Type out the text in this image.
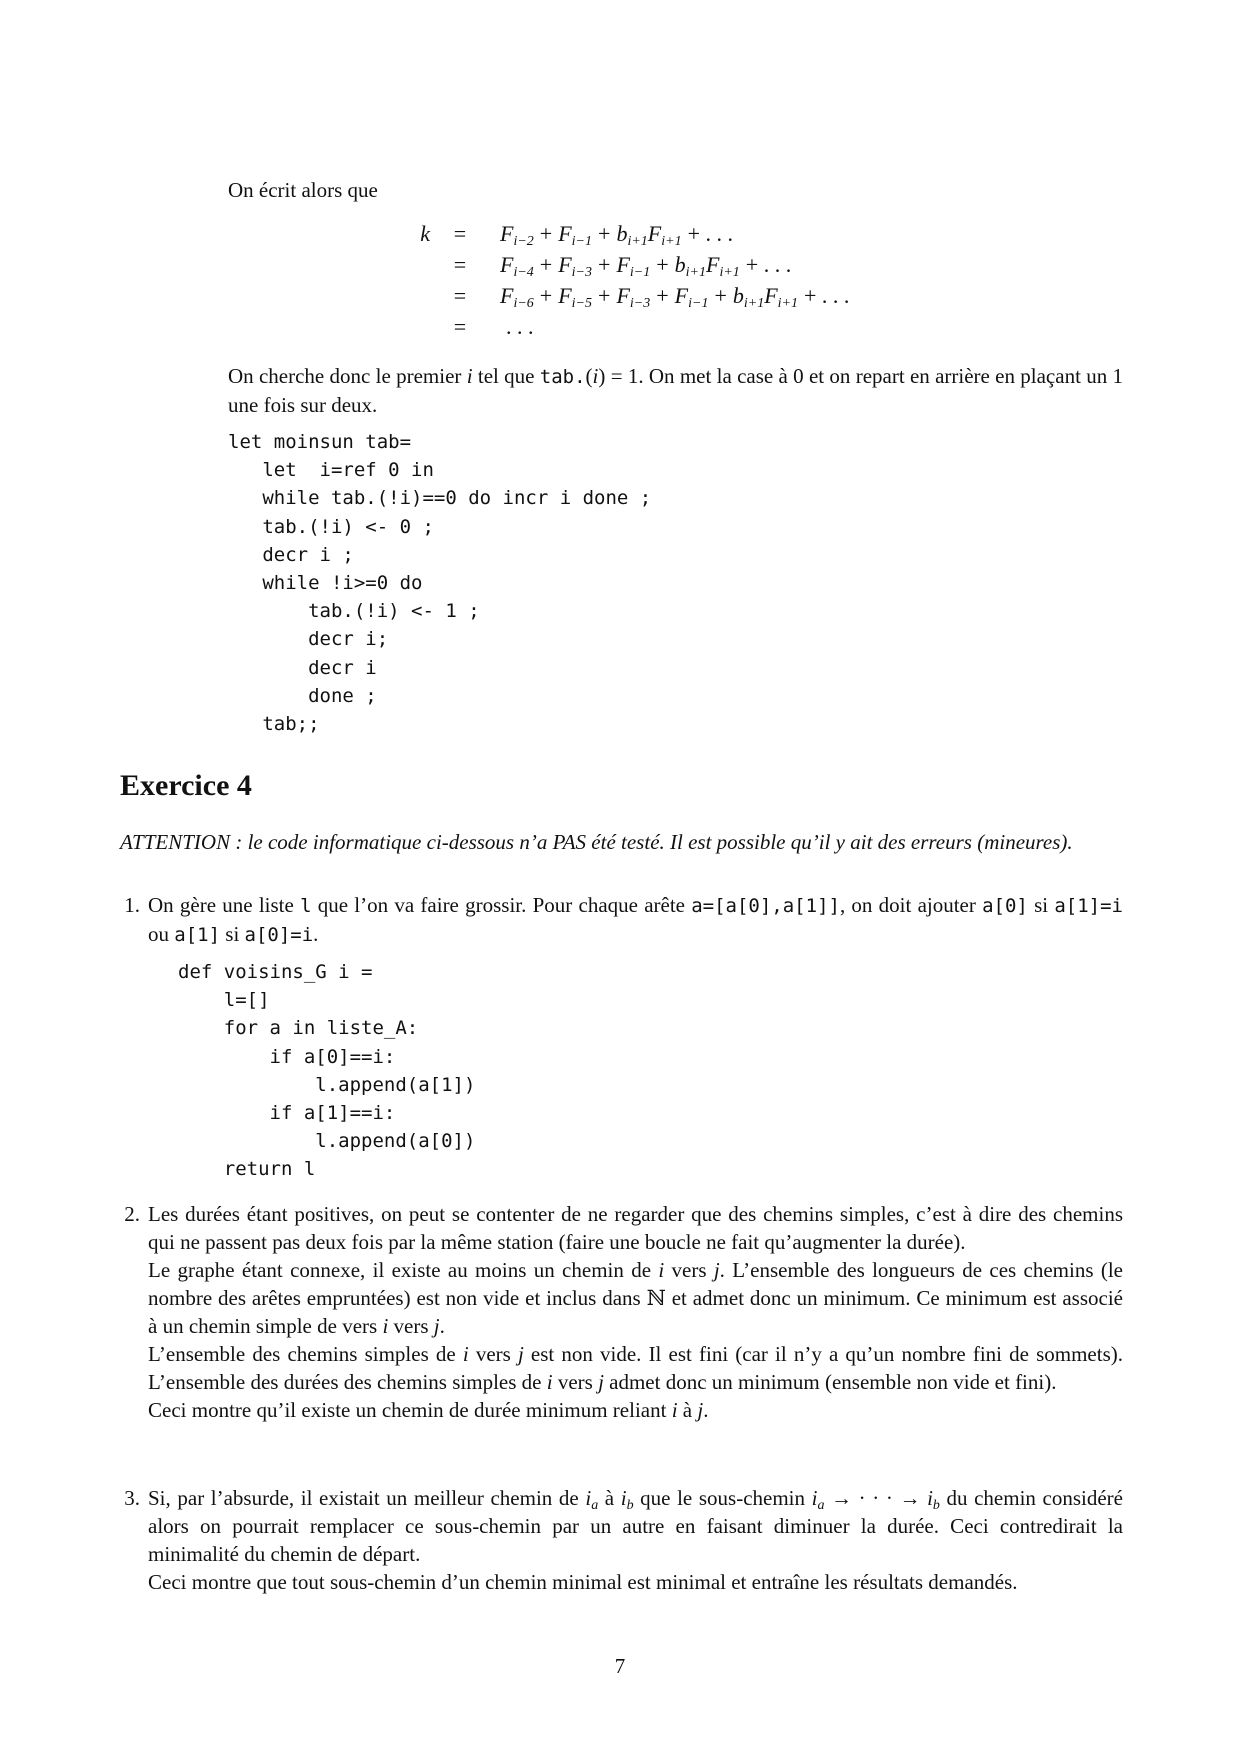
On écrit alors que
$k = F_{i-2} + F_{i-1} + b_{i+1}F_{i+1}$ + . . .
= $F_{i-4} + F_{i-3} + F_{i-1} + b_{i+1}F_{i+1}$ + . . .
= $F_{i-6} + F_{i-5} + F_{i-3} + F_{i-1} + b_{i+1}F_{i+1}$ + . . .
= . . .
On cherche donc le premier i tel que tab.(i) = 1. On met la case à 0 et on repart en arrière en plaçant un 1 une fois sur deux.
let moinsun tab=
let  i=ref 0 in
while tab.(!i)==0 do incr i done ;
tab.(!i) <- 0 ;
decr i ;
while !i>=0 do
tab.(!i) <- 1 ;
decr i;
decr i
done ;
tab;;
Exercice 4
ATTENTION : le code informatique ci-dessous n’a PAS été testé. Il est possible qu’il y ait des erreurs (mineures).
1. On gère une liste l que l’on va faire grossir. Pour chaque arête a=[a[0],a[1]], on doit ajouter a[0] si a[1]=i ou a[1] si a[0]=i.

def voisins_G i =
l=[]
for a in liste_A:
if a[0]==i:
l.append(a[1])
if a[1]==i:
l.append(a[0])
return l
2. Les durées étant positives, on peut se contenter de ne regarder que des chemins simples, c’est à dire des chemins qui ne passent pas deux fois par la même station (faire une boucle ne fait qu’augmenter la durée).

Le graphe étant connexe, il existe au moins un chemin de i vers j. L’ensemble des longueurs de ces chemins (le nombre des arêtes empruntées) est non vide et inclus dans ℕ et admet donc un minimum. Ce minimum est associé à un chemin simple de vers i vers j.

L’ensemble des chemins simples de i vers j est non vide. Il est fini (car il n’y a qu’un nombre fini de sommets). L’ensemble des durées des chemins simples de i vers j admet donc un minimum (ensemble non vide et fini).

Ceci montre qu’il existe un chemin de durée minimum reliant i à j.

3. Si, par l’absurde, il existait un meilleur chemin de $i_a$ à $i_b$ que le sous-chemin $i_a$ → · · · → $i_b$ du chemin considéré alors on pourrait remplacer ce sous-chemin par un autre en faisant diminuer la durée. Ceci contredirait la minimalité du chemin de départ.

Ceci montre que tout sous-chemin d’un chemin minimal est minimal et entraîne les résultats demandés.

7
